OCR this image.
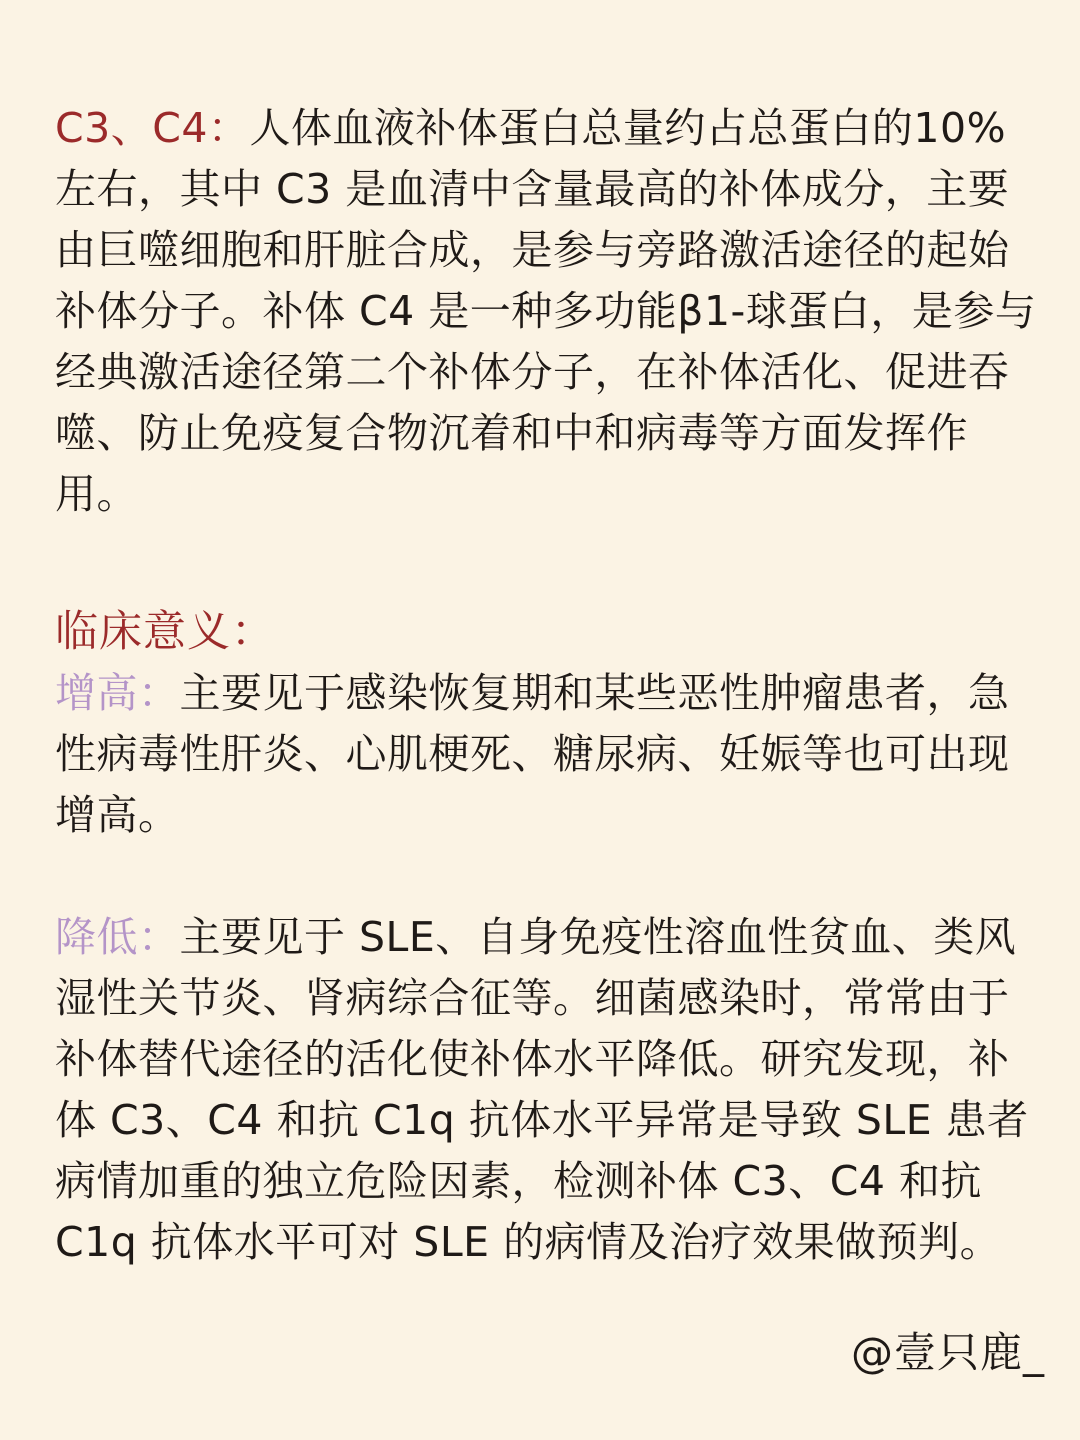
C3、C4：人体血液补体蛋白总量约占总蛋白的10% 左右，其中 C3 是血清中含量最高的补体成分，主要由巨噬细胞和肝脏合成，是参与旁路激活途径的起始补体分子。补体 C4 是一种多功能β1-球蛋白，是参与经典激活途径第二个补体分子，在补体活化、促进吞噬、防止免疫复合物沉着和中和病毒等方面发挥作用。

临床意义：

增高：主要见于感染恢复期和某些恶性肿瘤患者，急性病毒性肝炎、心肌梗死、糖尿病、妊娠等也可出现增高。

降低：主要见于 SLE、自身免疫性溶血性贫血、类风湿性关节炎、肾病综合征等。细菌感染时，常常由于补体替代途径的活化使补体水平降低。研究发现，补体 C3、C4 和抗 C1q 抗体水平异常是导致 SLE 患者病情加重的独立危险因素，检测补体 C3、C4 和抗 C1q 抗体水平可对 SLE 的病情及治疗效果做预判。

@壹只鹿_
